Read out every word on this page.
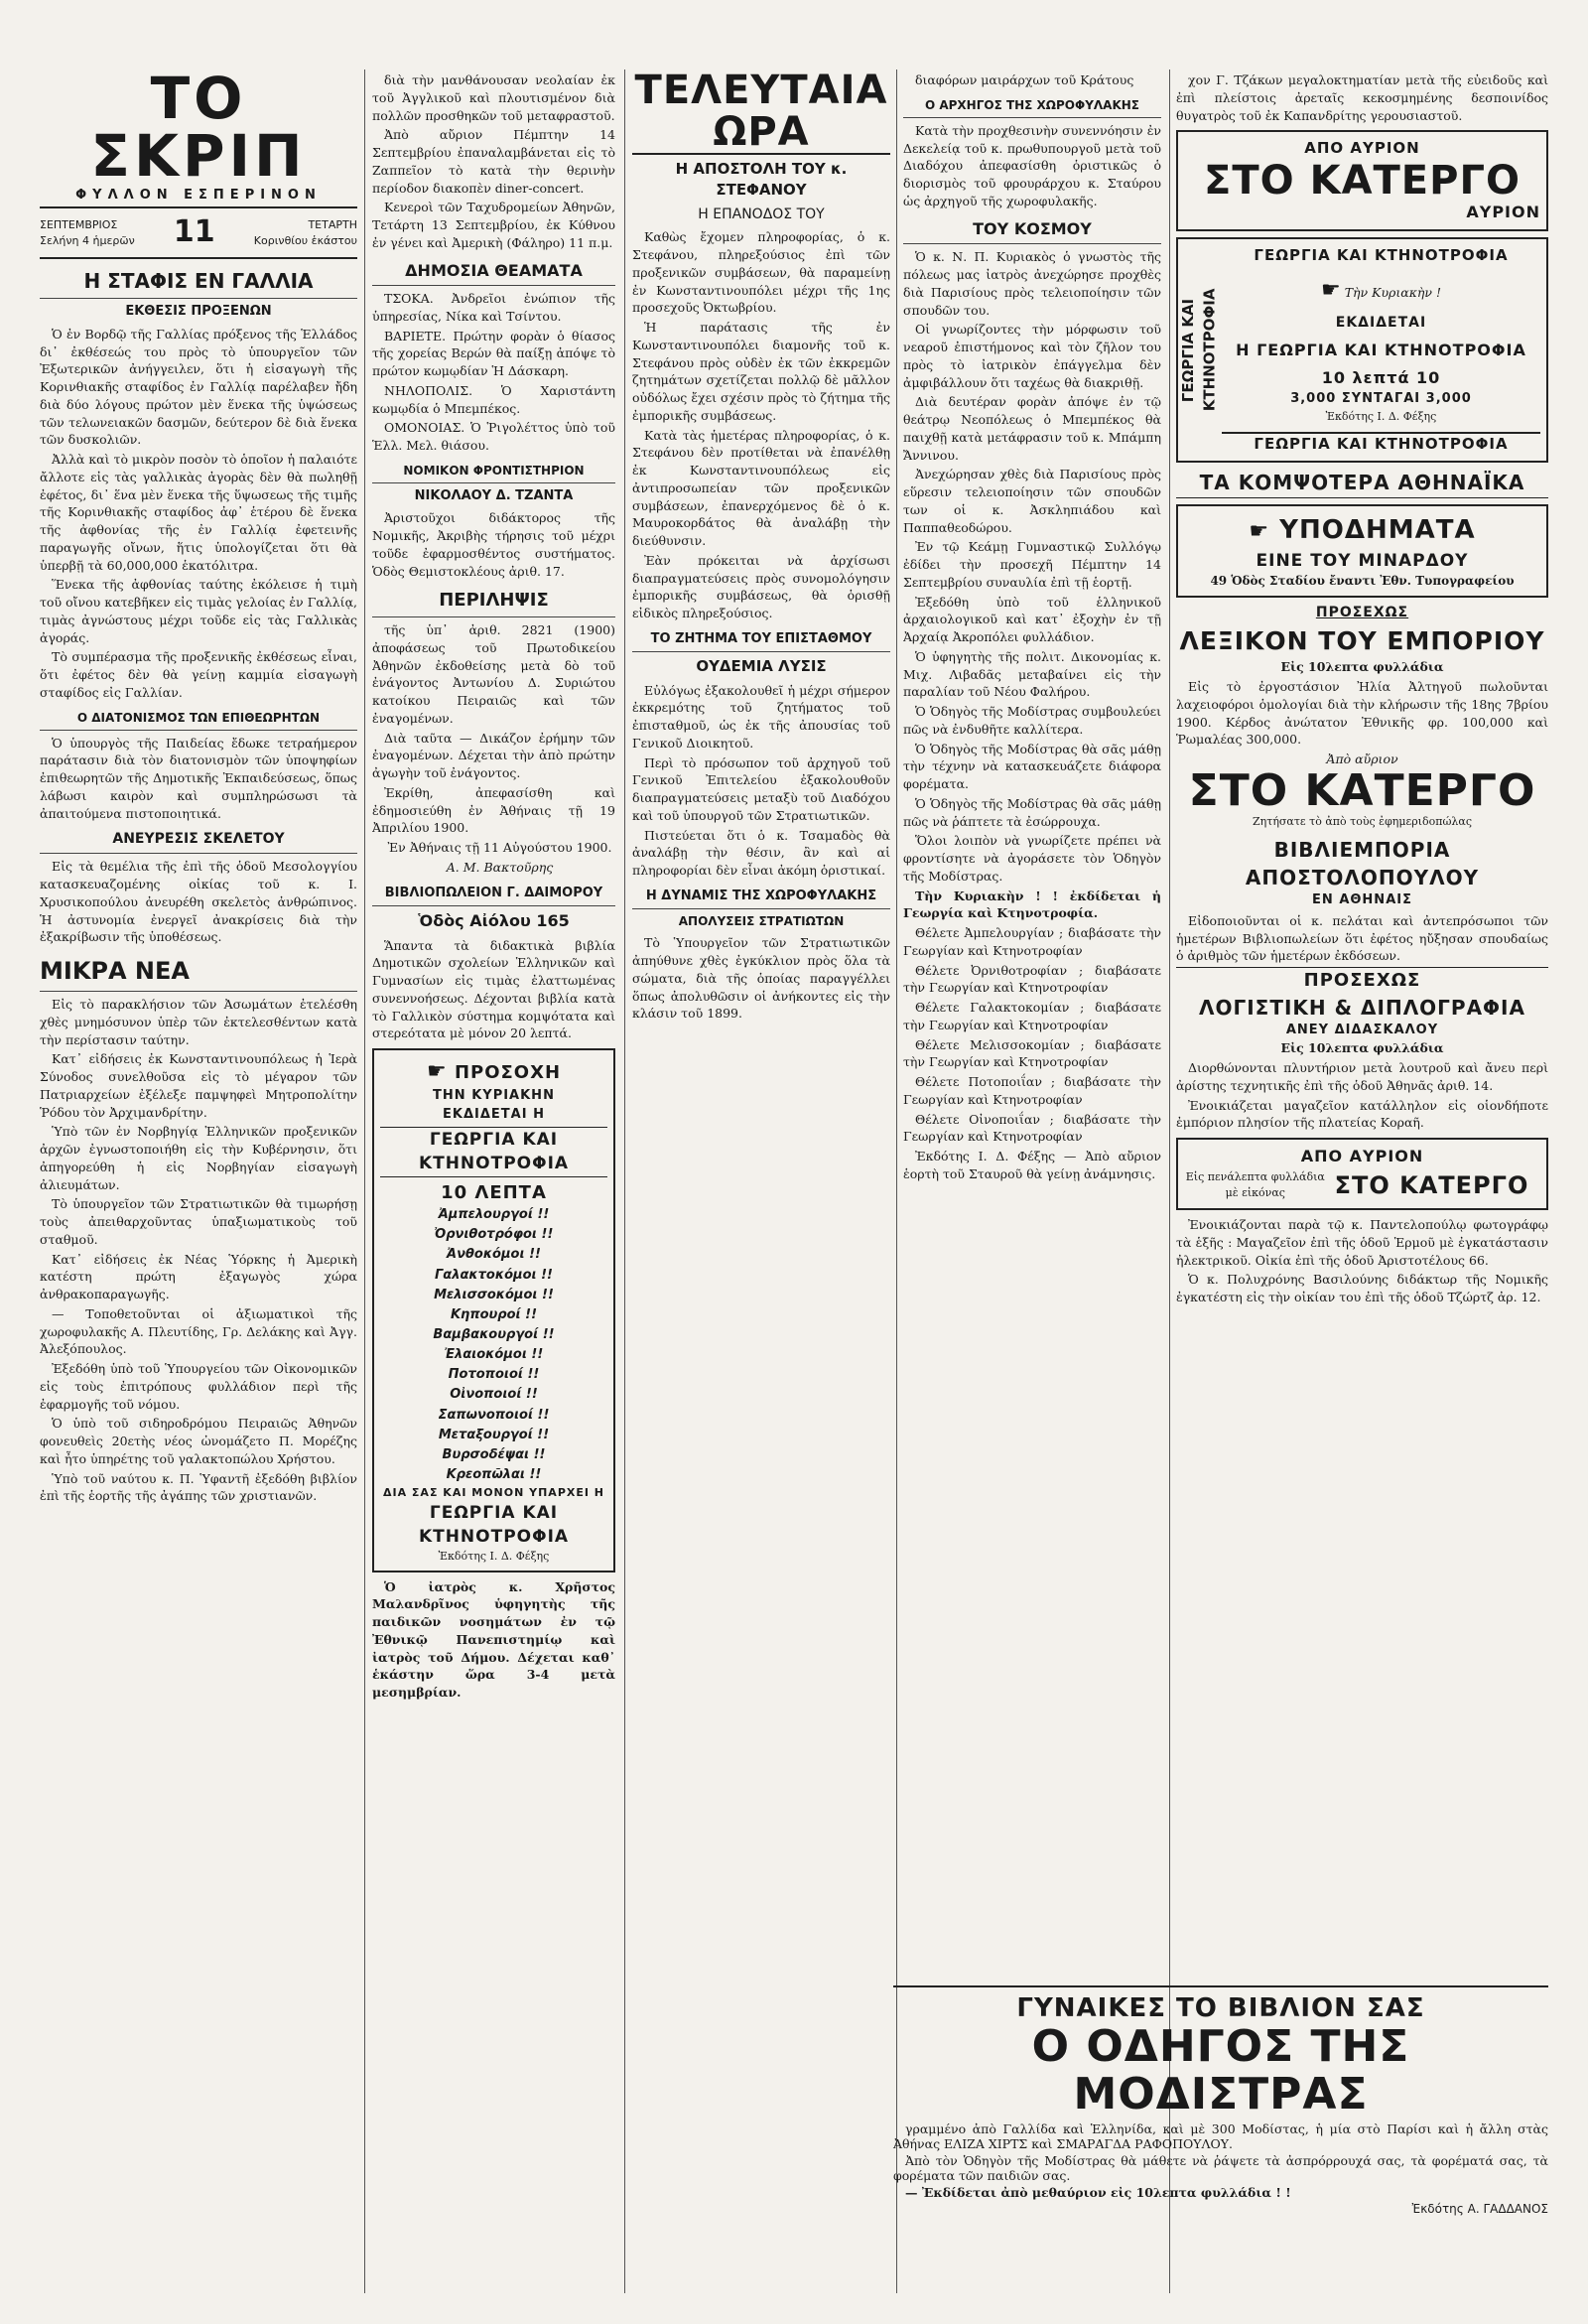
ΤΟ ΣΚΡΙΠ
ΦΥΛΛΟΝ ΕΣΠΕΡΙΝΟΝ
ΣΕΠΤΕΜΒΡΙΟΣ
Σελήνη 4 ἡμερῶν 11	ΤΕΤΑΡΤΗ
Κορινθίου ἑκάστου
Η ΣΤΑΦΙΣ ΕΝ ΓΑΛΛΙΑ
ΕΚΘΕΣΙΣ ΠΡΟΞΕΝΩΝ

Ὁ ἐν Βορδῷ τῆς Γαλλίας πρόξενος τῆς Ἑλλάδος δι᾽ ἐκθέσεώς του πρὸς τὸ ὑπουργεῖον τῶν Ἐξωτερικῶν ἀνήγγειλεν, ὅτι ἡ εἰσαγωγὴ τῆς Κορινθιακῆς σταφίδος ἐν Γαλλίᾳ παρέλαβεν ἤδη διὰ δύο λόγους πρώτον μὲν ἕνεκα τῆς ὑψώσεως τῶν τελωνειακῶν δασμῶν, δεύτερον δὲ διὰ ἕνεκα τῶν δυσκολιῶν.

Ἀλλὰ καὶ τὸ μικρὸν ποσὸν τὸ ὁποῖον ἡ παλαιότε ἄλλοτε εἰς τὰς γαλλικὰς ἀγορὰς δὲν θὰ πωληθῇ ἐφέτος, δι᾽ ἕνα μὲν ἕνεκα τῆς ὕψωσεως τῆς τιμῆς τῆς Κορινθιακῆς σταφίδος ἀφ᾽ ἑτέρου δὲ ἕνεκα τῆς ἀφθονίας τῆς ἐν Γαλλίᾳ ἐφετεινῆς παραγωγῆς οἴνων, ἥτις ὑπολογίζεται ὅτι θὰ ὑπερβῇ τὰ 60,000,000 ἑκατόλιτρα.

Ἕνεκα τῆς ἀφθονίας ταύτης ἐκόλεισε ἡ τιμὴ τοῦ οἴνου κατεβῆκεν εἰς τιμὰς γελοίας ἐν Γαλλίᾳ, τιμὰς ἀγνώστους μέχρι τοῦδε εἰς τὰς Γαλλικὰς ἀγοράς.

Τὸ συμπέρασμα τῆς προξενικῆς ἐκθέσεως εἶναι, ὅτι ἐφέτος δὲν θὰ γείνῃ καμμία εἰσαγωγὴ σταφίδος εἰς Γαλλίαν.

Ο ΔΙΑΤΟΝΙΣΜΟΣ ΤΩΝ ΕΠΙΘΕΩΡΗΤΩΝ

Ὁ ὑπουργὸς τῆς Παιδείας ἔδωκε τετραήμερον παράτασιν διὰ τὸν διατονισμὸν τῶν ὑποψηφίων ἐπιθεωρητῶν τῆς Δημοτικῆς Ἐκπαιδεύσεως, ὅπως λάβωσι καιρὸν καὶ συμπληρώσωσι τὰ ἀπαιτούμενα πιστοποιητικά.

ΑΝΕΥΡΕΣΙΣ ΣΚΕΛΕΤΟΥ

Εἰς τὰ θεμέλια τῆς ἐπὶ τῆς ὁδοῦ Μεσολογγίου κατασκευαζομένης οἰκίας τοῦ κ. Ι. Χρυσικοπούλου ἀνευρέθη σκελετὸς ἀνθρώπινος. Ἡ ἀστυνομία ἐνεργεῖ ἀνακρίσεις διὰ τὴν ἐξακρίβωσιν τῆς ὑποθέσεως.

ΜΙΚΡΑ ΝΕΑ

Εἰς τὸ παρακλήσιον τῶν Ἀσωμάτων ἐτελέσθη χθὲς μνημόσυνον ὑπὲρ τῶν ἐκτελεσθέντων κατὰ τὴν περίστασιν ταύτην.

Κατ᾽ εἰδήσεις ἐκ Κωνσταντινουπόλεως ἡ Ἱερὰ Σύνοδος συνελθοῦσα εἰς τὸ μέγαρον τῶν Πατριαρχείων ἐξέλεξε παμψηφεὶ Μητροπολίτην Ῥόδου τὸν Ἀρχιμανδρίτην.

Ὑπὸ τῶν ἐν Νορβηγίᾳ Ἑλληνικῶν προξενικῶν ἀρχῶν ἐγνωστοποιήθη εἰς τὴν Κυβέρνησιν, ὅτι ἀπηγορεύθη ἡ εἰς Νορβηγίαν εἰσαγωγὴ ἀλιευμάτων.

Τὸ ὑπουργεῖον τῶν Στρατιωτικῶν θὰ τιμωρήσῃ τοὺς ἀπειθαρχοῦντας ὑπαξιωματικοὺς τοῦ σταθμοῦ.

Κατ᾽ εἰδήσεις ἐκ Νέας Ὑόρκης ἡ Ἀμερικὴ κατέστη πρώτη ἐξαγωγὸς χώρα ἀνθρακοπαραγωγῆς.

— Τοποθετοῦνται οἱ ἀξιωματικοὶ τῆς χωροφυλακῆς Α. Πλευτίδης, Γρ. Δελάκης καὶ Ἀγγ. Ἀλεξόπουλος.

Ἐξεδόθη ὑπὸ τοῦ Ὑπουργείου τῶν Οἰκονομικῶν εἰς τοὺς ἐπιτρόπους φυλλάδιον περὶ τῆς ἐφαρμογῆς τοῦ νόμου.

Ὁ ὑπὸ τοῦ σιδηροδρόμου Πειραιῶς Ἀθηνῶν φονευθεὶς 20ετὴς νέος ὠνομάζετο Π. Μορέζης καὶ ἦτο ὑπηρέτης τοῦ γαλακτοπώλου Χρήστου.

Ὑπὸ τοῦ ναύτου κ. Π. Ὑφαντῆ ἐξεδόθη βιβλίον ἐπὶ τῆς ἑορτῆς τῆς ἀγάπης τῶν χριστιανῶν.

διὰ τὴν μανθάνουσαν νεολαίαν ἐκ τοῦ Ἀγγλικοῦ καὶ πλουτισμένον διὰ πολλῶν προσθηκῶν τοῦ μεταφραστοῦ.

Ἀπὸ αὔριον Πέμπτην 14 Σεπτεμβρίου ἐπαναλαμβάνεται εἰς τὸ Ζαππεῖον τὸ κατὰ τὴν θερινὴν περίοδον διακοπὲν diner-concert.

Κενεροὶ τῶν Ταχυδρομείων Ἀθηνῶν, Τετάρτη 13 Σεπτεμβρίου, ἐκ Κύθνου ἐν γένει καὶ Ἀμερικὴ (Φάληρο) 11 π.μ.

ΔΗΜΟΣΙΑ ΘΕΑΜΑΤΑ

ΤΣΟΚΑ. Ἀνδρεῖοι ἐνώπιον τῆς ὑπηρεσίας, Νίκα καὶ Τσίντου.

ΒΑΡΙΕΤΕ. Πρώτην φορὰν ὁ θίασος τῆς χορείας Βερών θὰ παίξῃ ἀπόψε τὸ πρώτον κωμῳδίαν Ἡ Δάσκαρη.

ΝΗΛΟΠΟΛΙΣ. Ὁ Χαριστάντη κωμῳδία ὁ Μπεμπέκος.

ΟΜΟΝΟΙΑΣ. Ὁ Ῥιγολέττος ὑπὸ τοῦ Ἑλλ. Μελ. θιάσου.

ΝΟΜΙΚΟΝ ΦΡΟΝΤΙΣΤΗΡΙΟΝ
ΝΙΚΟΛΑΟΥ Δ. ΤΖΑΝΤΑ

Ἀριστοῦχοι διδάκτορος τῆς Νομικῆς, Ἀκριβὴς τήρησις τοῦ μέχρι τοῦδε ἐφαρμοσθέντος συστήματος. Ὁδὸς Θεμιστοκλέους ἀριθ. 17.

ΠΕΡΙΛΗΨΙΣ

τῆς ὑπ᾽ ἀριθ. 2821 (1900) ἀποφάσεως τοῦ Πρωτοδικείου Ἀθηνῶν ἐκδοθείσης μετὰ δὸ τοῦ ἐνάγοντος Ἀντωνίου Δ. Συριώτου κατοίκου Πειραιῶς καὶ τῶν ἐναγομένων.

Διὰ ταῦτα — Δικάζον ἐρήμην τῶν ἐναγομένων. Δέχεται τὴν ἀπὸ πρώτην ἀγωγὴν τοῦ ἐνάγοντος.

Ἐκρίθη, ἀπεφασίσθη καὶ ἐδημοσιεύθη ἐν Ἀθήναις τῇ 19 Ἀπριλίου 1900.

Ἐν Ἀθήναις τῇ 11 Αὐγούστου 1900.

Α. Μ. Βακτοῦρης

ΒΙΒΛΙΟΠΩΛΕΙΟΝ Γ. ΔΑΙΜΟΡΟΥ
Ὁδὸς Αἰόλου 165

Ἅπαντα τὰ διδακτικὰ βιβλία Δημοτικῶν σχολείων Ἑλληνικῶν καὶ Γυμνασίων εἰς τιμὰς ἐλαττωμένας συνεννοήσεως. Δέχονται βιβλία κατὰ τὸ Γαλλικὸν σύστημα κομψότατα καὶ στερεότατα μὲ μόνον 20 λεπτά.

☛ ΠΡΟΣΟΧΗ
ΤΗΝ ΚΥΡΙΑΚΗΝ
ΕΚΔΙΔΕΤΑΙ Η
ΓΕΩΡΓΙΑ ΚΑΙ ΚΤΗΝΟΤΡΟΦΙΑ
10 ΛΕΠΤΑ
Ἀμπελουργοί !!
Ὀρνιθοτρόφοι !!
Ἀνθοκόμοι !!
Γαλακτοκόμοι !!
Μελισσοκόμοι !!
Κηπουροί !!
Βαμβακουργοί !!
Ἐλαιοκόμοι !!
Ποτοποιοί !!
Οἰνοποιοί !!
Σαπωνοποιοί !!
Μεταξουργοί !!
Βυρσοδέψαι !!
Κρεοπῶλαι !!
ΔΙΑ ΣΑΣ ΚΑΙ ΜΟΝΟΝ ΥΠΑΡΧΕΙ Η
ΓΕΩΡΓΙΑ ΚΑΙ ΚΤΗΝΟΤΡΟΦΙΑ
Ἐκδότης Ι. Δ. Φέξης

Ὁ ἰατρὸς κ. Χρῆστος Μαλανδρῖνος ὑφηγητὴς τῆς παιδικῶν νοσημάτων ἐν τῷ Ἐθνικῷ Πανεπιστημίῳ καὶ ἰατρὸς τοῦ Δήμου. Δέχεται καθ᾽ ἑκάστην ὥρα 3-4 μετὰ μεσημβρίαν.

ΤΕΛΕΥΤΑΙΑ ΩΡΑ
Η ΑΠΟΣΤΟΛΗ ΤΟΥ κ. ΣΤΕΦΑΝΟΥ
Η ΕΠΑΝΟΔΟΣ ΤΟΥ

Καθὼς ἔχομεν πληροφορίας, ὁ κ. Στεφάνου, πληρεξούσιος ἐπὶ τῶν προξενικῶν συμβάσεων, θὰ παραμείνῃ ἐν Κωνσταντινουπόλει μέχρι τῆς 1ης προσεχοῦς Ὀκτωβρίου.

Ἡ παράτασις τῆς ἐν Κωνσταντινουπόλει διαμονῆς τοῦ κ. Στεφάνου πρὸς οὐδὲν ἐκ τῶν ἐκκρεμῶν ζητημάτων σχετίζεται πολλῷ δὲ μᾶλλον οὐδόλως ἔχει σχέσιν πρὸς τὸ ζήτημα τῆς ἐμπορικῆς συμβάσεως.

Κατὰ τὰς ἡμετέρας πληροφορίας, ὁ κ. Στεφάνου δὲν προτίθεται νὰ ἐπανέλθῃ ἐκ Κωνσταντινουπόλεως εἰς ἀντιπροσωπείαν τῶν προξενικῶν συμβάσεων, ἐπανερχόμενος δὲ ὁ κ. Μαυροκορδάτος θὰ ἀναλάβῃ τὴν διεύθυνσιν.

Ἐὰν πρόκειται νὰ ἀρχίσωσι διαπραγματεύσεις πρὸς συνομολόγησιν ἐμπορικῆς συμβάσεως, θὰ ὁρισθῇ εἰδικὸς πληρεξούσιος.

ΤΟ ΖΗΤΗΜΑ ΤΟΥ ΕΠΙΣΤΑΘΜΟΥ
ΟΥΔΕΜΙΑ ΛΥΣΙΣ

Εὐλόγως ἐξακολουθεῖ ἡ μέχρι σήμερον ἐκκρεμότης τοῦ ζητήματος τοῦ ἐπισταθμοῦ, ὡς ἐκ τῆς ἀπουσίας τοῦ Γενικοῦ Διοικητοῦ.

Περὶ τὸ πρόσωπον τοῦ ἀρχηγοῦ τοῦ Γενικοῦ Ἐπιτελείου ἐξακολουθοῦν διαπραγματεύσεις μεταξὺ τοῦ Διαδόχου καὶ τοῦ ὑπουργοῦ τῶν Στρατιωτικῶν.

Πιστεύεται ὅτι ὁ κ. Τσαμαδὸς θὰ ἀναλάβῃ τὴν θέσιν, ἂν καὶ αἱ πληροφορίαι δὲν εἶναι ἀκόμη ὁριστικαί.

Η ΔΥΝΑΜΙΣ ΤΗΣ ΧΩΡΟΦΥΛΑΚΗΣ
ΑΠΟΛΥΣΕΙΣ ΣΤΡΑΤΙΩΤΩΝ

Τὸ Ὑπουργεῖον τῶν Στρατιωτικῶν ἀπηύθυνε χθὲς ἐγκύκλιον πρὸς ὅλα τὰ σώματα, διὰ τῆς ὁποίας παραγγέλλει ὅπως ἀπολυθῶσιν οἱ ἀνήκοντες εἰς τὴν κλάσιν τοῦ 1899.

διαφόρων μαιράρχων τοῦ Κράτους

Ο ΑΡΧΗΓΟΣ ΤΗΣ ΧΩΡΟΦΥΛΑΚΗΣ

Κατὰ τὴν προχθεσινὴν συνεννόησιν ἐν Δεκελείᾳ τοῦ κ. πρωθυπουργοῦ μετὰ τοῦ Διαδόχου ἀπεφασίσθη ὁριστικῶς ὁ διορισμὸς τοῦ φρουράρχου κ. Σταύρου ὡς ἀρχηγοῦ τῆς χωροφυλακῆς.

ΤΟΥ ΚΟΣΜΟΥ

Ὁ κ. Ν. Π. Κυριακὸς ὁ γνωστὸς τῆς πόλεως μας ἰατρὸς ἀνεχώρησε προχθὲς διὰ Παρισίους πρὸς τελειοποίησιν τῶν σπουδῶν του.

Οἱ γνωρίζοντες τὴν μόρφωσιν τοῦ νεαροῦ ἐπιστήμονος καὶ τὸν ζῆλον του πρὸς τὸ ἰατρικὸν ἐπάγγελμα δὲν ἀμφιβάλλουν ὅτι ταχέως θὰ διακριθῇ.

Διὰ δευτέραν φορὰν ἀπόψε ἐν τῷ θεάτρῳ Νεοπόλεως ὁ Μπεμπέκος θὰ παιχθῇ κατὰ μετάφρασιν τοῦ κ. Μπάμπη Ἄννινου.

Ἀνεχώρησαν χθὲς διὰ Παρισίους πρὸς εὕρεσιν τελειοποίησιν τῶν σπουδῶν των οἱ κ. Ἀσκληπιάδου καὶ Παππαθεοδώρου.

Ἐν τῷ Κεάμῃ Γυμναστικῷ Συλλόγῳ ἐδίδει τὴν προσεχῆ Πέμπτην 14 Σεπτεμβρίου συναυλία ἐπὶ τῇ ἑορτῇ.

Ἐξεδόθη ὑπὸ τοῦ ἑλληνικοῦ ἀρχαιολογικοῦ καὶ κατ᾽ ἐξοχὴν ἐν τῇ Ἀρχαίᾳ Ἀκροπόλει φυλλάδιον.

Ὁ ὑφηγητὴς τῆς πολιτ. Δικονομίας κ. Μιχ. Λιβαδᾶς μεταβαίνει εἰς τὴν παραλίαν τοῦ Νέου Φαλήρου.

Ὁ Ὁδηγὸς τῆς Μοδίστρας συμβουλεύει πῶς νὰ ἐνδυθῆτε καλλίτερα.

Ὁ Ὁδηγὸς τῆς Μοδίστρας θὰ σᾶς μάθῃ τὴν τέχνην νὰ κατασκευάζετε διάφορα φορέματα.

Ὁ Ὁδηγὸς τῆς Μοδίστρας θὰ σᾶς μάθῃ πῶς νὰ ῥάπτετε τὰ ἐσώρρουχα.

Ὅλοι λοιπὸν νὰ γνωρίζετε πρέπει νὰ φροντίσητε νὰ ἀγοράσετε τὸν Ὁδηγὸν τῆς Μοδίστρας.

Τὴν Κυριακὴν ! ! ἐκδίδεται ἡ Γεωργία καὶ Κτηνοτροφία.

Θέλετε Ἀμπελουργίαν ; διαβάσατε τὴν Γεωργίαν καὶ Κτηνοτροφίαν

Θέλετε Ὀρνιθοτροφίαν ; διαβάσατε τὴν Γεωργίαν καὶ Κτηνοτροφίαν

Θέλετε Γαλακτοκομίαν ; διαβάσατε τὴν Γεωργίαν καὶ Κτηνοτροφίαν

Θέλετε Μελισσοκομίαν ; διαβάσατε τὴν Γεωργίαν καὶ Κτηνοτροφίαν

Θέλετε Ποτοποιΐαν ; διαβάσατε τὴν Γεωργίαν καὶ Κτηνοτροφίαν

Θέλετε Οἰνοποιΐαν ; διαβάσατε τὴν Γεωργίαν καὶ Κτηνοτροφίαν

Ἐκδότης Ι. Δ. Φέξης — Ἀπὸ αὔριον ἑορτὴ τοῦ Σταυροῦ θὰ γείνῃ ἀνάμνησις.

χον Γ. Τζάκων μεγαλοκτηματίαν μετὰ τῆς εὐειδοῦς καὶ ἐπὶ πλείστοις ἀρεταῖς κεκοσμημένης δεσποινίδος θυγατρὸς τοῦ ἐκ Καπανδρίτης γερουσιαστοῦ.

ΑΠΟ ΑΥΡΙΟΝ
ΣΤΟ ΚΑΤΕΡΓΟ
ΑΥΡΙΟΝ
ΓΕΩΡΓΙΑ ΚΑΙ ΚΤΗΝΟΤΡΟΦΙΑ
ΓΕΩΡΓΙΑ ΚΑΙ ΚΤΗΝΟΤΡΟΦΙΑ
☛ Τὴν Κυριακὴν !
ΕΚΔΙΔΕΤΑΙ
Η ΓΕΩΡΓΙΑ ΚΑΙ ΚΤΗΝΟΤΡΟΦΙΑ
10 λεπτά 10
3,000 ΣΥΝΤΑΓΑΙ 3,000
Ἐκδότης Ι. Δ. Φέξης
ΓΕΩΡΓΙΑ ΚΑΙ ΚΤΗΝΟΤΡΟΦΙΑ
ΤΑ ΚΟΜΨΟΤΕΡΑ ΑΘΗΝΑΪΚΑ
☛ ΥΠΟΔΗΜΑΤΑ
ΕΙΝΕ ΤΟΥ ΜΙΝΑΡΔΟΥ
49 Ὁδὸς Σταδίου ἔναντι Ἐθν. Τυπογραφείου
ΠΡΟΣΕΧΩΣ
ΛΕΞΙΚΟΝ ΤΟΥ ΕΜΠΟΡΙΟΥ
Εἰς 10λεπτα φυλλάδια

Εἰς τὸ ἐργοστάσιον Ἠλία Ἀλτηγοῦ πωλοῦνται λαχειοφόροι ὁμολογίαι διὰ τὴν κλήρωσιν τῆς 18ης 7βρίου 1900. Κέρδος ἀνώτατον Ἐθνικῆς φρ. 100,000 καὶ Ῥωμαλέας 300,000.

Ἀπὸ αὔριον
ΣΤΟ ΚΑΤΕΡΓΟ
Ζητήσατε τὸ ἀπὸ τοὺς ἐφημεριδοπώλας
ΒΙΒΛΙΕΜΠΟΡΙΑ
ΑΠΟΣΤΟΛΟΠΟΥΛΟΥ
ΕΝ ΑΘΗΝΑΙΣ

Εἰδοποιοῦνται οἱ κ. πελάται καὶ ἀντεπρόσωποι τῶν ἡμετέρων Βιβλιοπωλείων ὅτι ἐφέτος ηὔξησαν σπουδαίως ὁ ἀριθμὸς τῶν ἡμετέρων ἐκδόσεων.

ΠΡΟΣΕΧΩΣ
ΛΟΓΙΣΤΙΚΗ & ΔΙΠΛΟΓΡΑΦΙΑ
ΑΝΕΥ ΔΙΔΑΣΚΑΛΟΥ
Εἰς 10λεπτα φυλλάδια

Διορθώνονται πλυντήριον μετὰ λουτροῦ καὶ ἄνευ περὶ ἀρίστης τεχνητικῆς ἐπὶ τῆς ὁδοῦ Ἀθηνᾶς ἀριθ. 14.

Ἐνοικιάζεται μαγαζεῖον κατάλληλον εἰς οἱονδήποτε ἐμπόριον πλησίον τῆς πλατείας Κοραῆ.

ΑΠΟ ΑΥΡΙΟΝ
Εἰς πενάλεπτα φυλλάδια μὲ εἰκόνας	ΣΤΟ ΚΑΤΕΡΓΟ

Ἐνοικιάζονται παρὰ τῷ κ. Παντελοπούλῳ φωτογράφῳ τὰ ἑξῆς : Μαγαζεῖον ἐπὶ τῆς ὁδοῦ Ἑρμοῦ μὲ ἐγκατάστασιν ἠλεκτρικοῦ. Οἰκία ἐπὶ τῆς ὁδοῦ Ἀριστοτέλους 66.

Ὁ κ. Πολυχρόνης Βασιλούνης διδάκτωρ τῆς Νομικῆς ἐγκατέστη εἰς τὴν οἰκίαν του ἐπὶ τῆς ὁδοῦ Τζώρτζ ἀρ. 12.

ΓΥΝΑΙΚΕΣ ΤΟ ΒΙΒΛΙΟΝ ΣΑΣ
Ο ΟΔΗΓΟΣ ΤΗΣ ΜΟΔΙΣΤΡΑΣ

γραμμένο ἀπὸ Γαλλίδα καὶ Ἑλληνίδα, καὶ μὲ 300 Μοδίστας, ἡ μία στὸ Παρίσι καὶ ἡ ἄλλη στὰς Ἀθήνας ΕΛΙΖΑ ΧΙΡΤΣ καὶ ΣΜΑΡΑΓΔΑ ΡΑΦΟΠΟΥΛΟΥ.

Ἀπὸ τὸν Ὁδηγὸν τῆς Μοδίστρας θὰ μάθετε νὰ ῥάψετε τὰ ἀσπρόρρουχά σας, τὰ φορέματά σας, τὰ φορέματα τῶν παιδιῶν σας.

— Ἐκδίδεται ἀπὸ μεθαύριον εἰς 10λεπτα φυλλάδια ! !

Ἐκδότης Α. ΓΑΔΔΑΝΟΣ
